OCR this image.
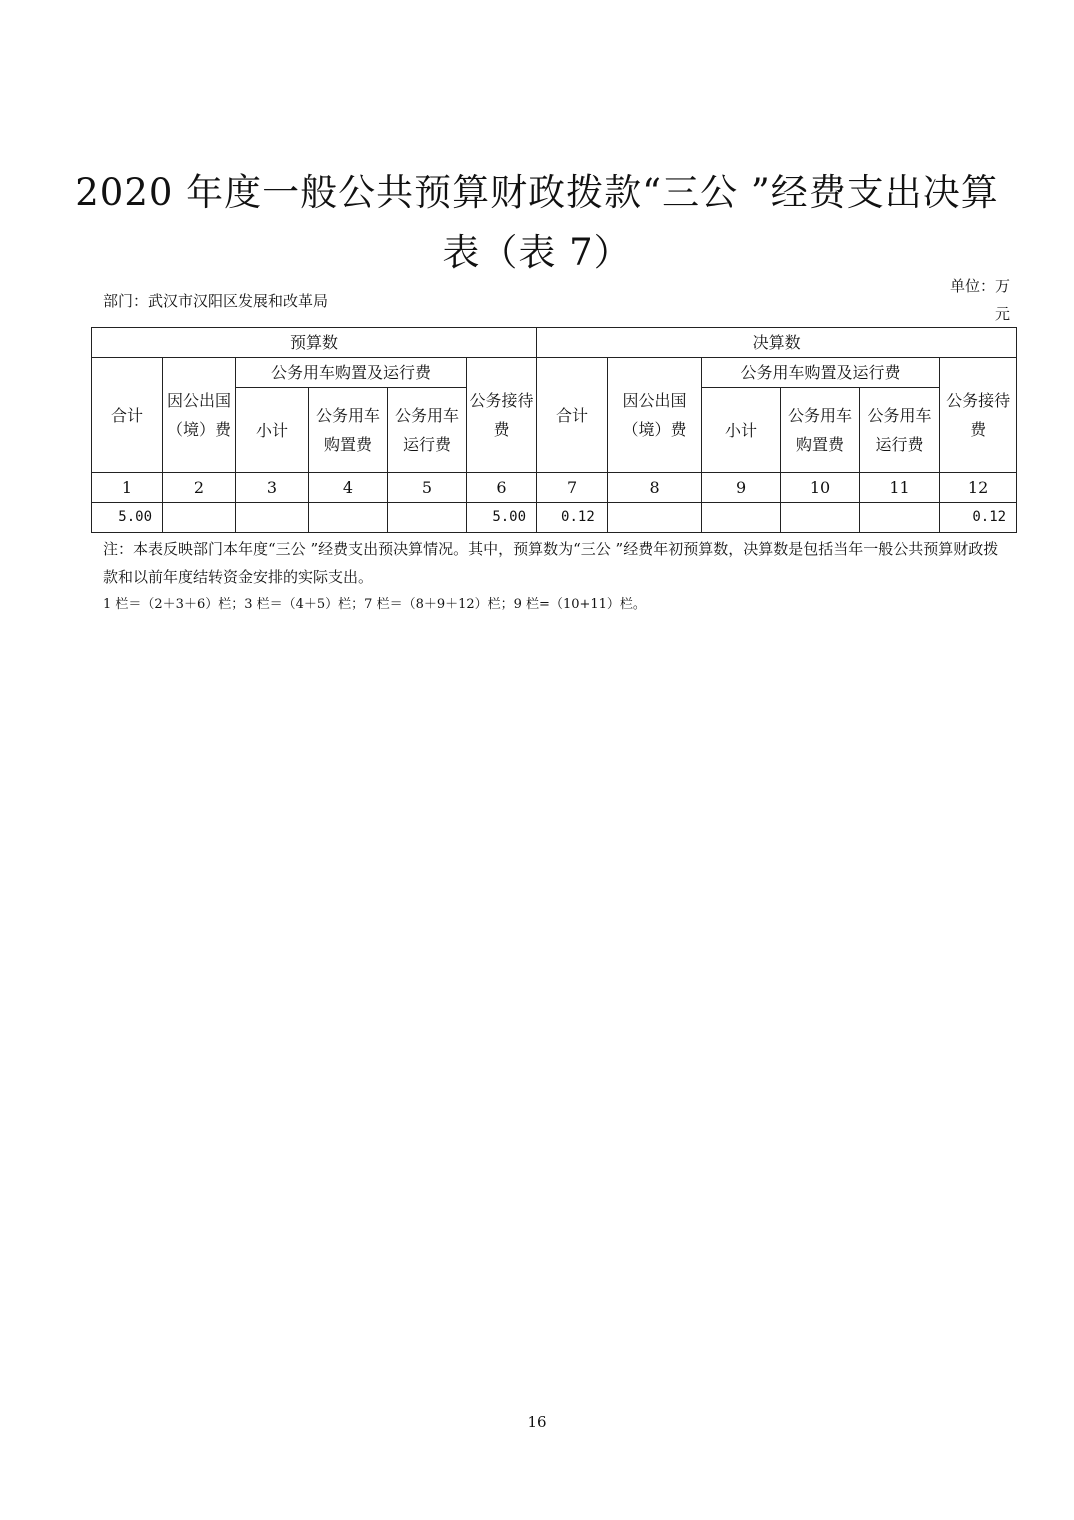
2020 年度一般公共预算财政拨款“三公 ”经费支出决算表（表 7）
部门：武汉市汉阳区发展和改革局
单位：万元
预算数						决算数					
合计	因公出国（境）费	公务用车购置及运行费			公务接待费	合计	因公出国（境）费	公务用车购置及运行费			公务接待费
		小计	公务用车购置费	公务用车运行费				小计	公务用车购置费	公务用车运行费	
1	2	3	4	5	6	7	8	9	10	11	12
5.00					5.00	0.12					0.12
注：本表反映部门本年度“三公 ”经费支出预决算情况。其中，预算数为“三公 ”经费年初预算数，决算数是包括当年一般公共预算财政拨款和以前年度结转资金安排的实际支出。
1 栏＝（2＋3＋6）栏；3 栏＝（4＋5）栏；7 栏＝（8＋9＋12）栏；9 栏=（10+11）栏。
16
